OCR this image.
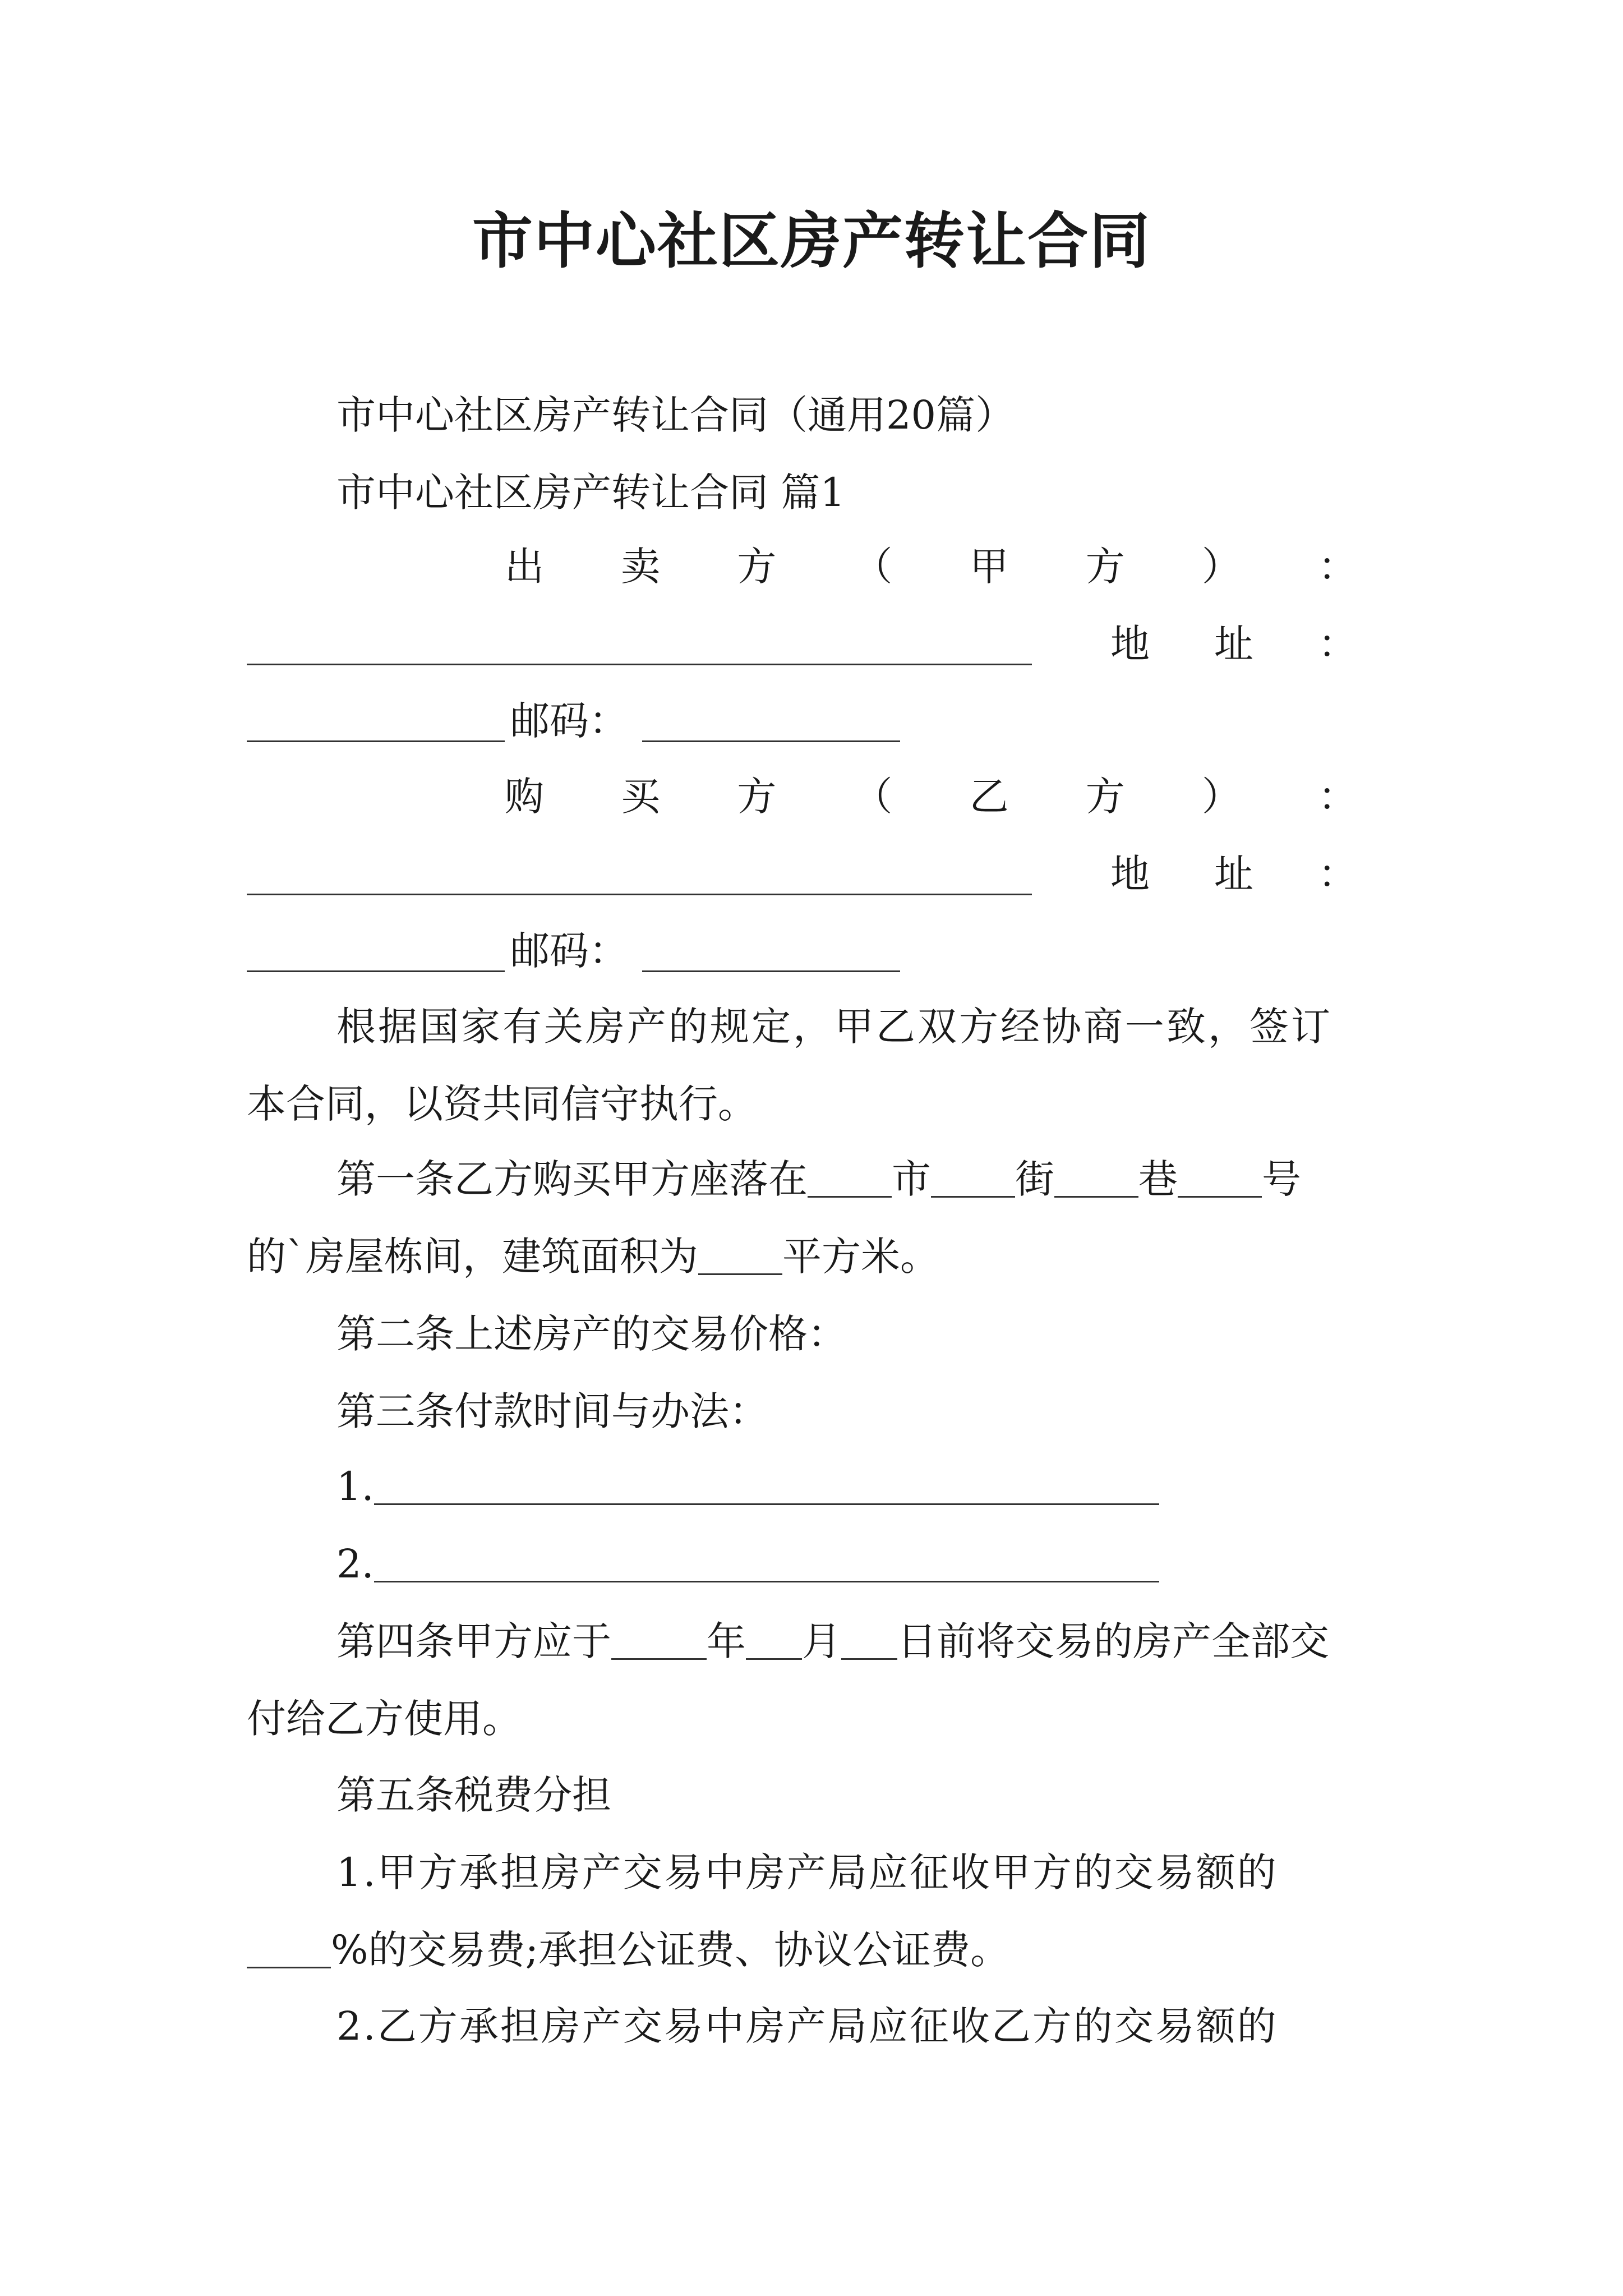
市中心社区房产转让合同
市中心社区房产转让合同（通用20篇）
市中心社区房产转让合同 篇1
出 卖 方 （ 甲 方 ） ：
地 址 ：
邮码：
购 买 方 （ 乙 方 ） ：
地 址 ：
邮码：
根据国家有关房产的规定，甲乙双方经协商一致，签订
本合同，以资共同信守执行。
第一条乙方购买甲方座落在 市 街 巷 号
的`房屋栋间，建筑面积为 平方米。
第二条上述房产的交易价格：
第三条付款时间与办法：
1.
2.
第四条甲方应于 年 月 日前将交易的房产全部交
付给乙方使用。
第五条税费分担
1.甲方承担房产交易中房产局应征收甲方的交易额的
%的交易费;承担公证费、协议公证费。
2.乙方承担房产交易中房产局应征收乙方的交易额的
